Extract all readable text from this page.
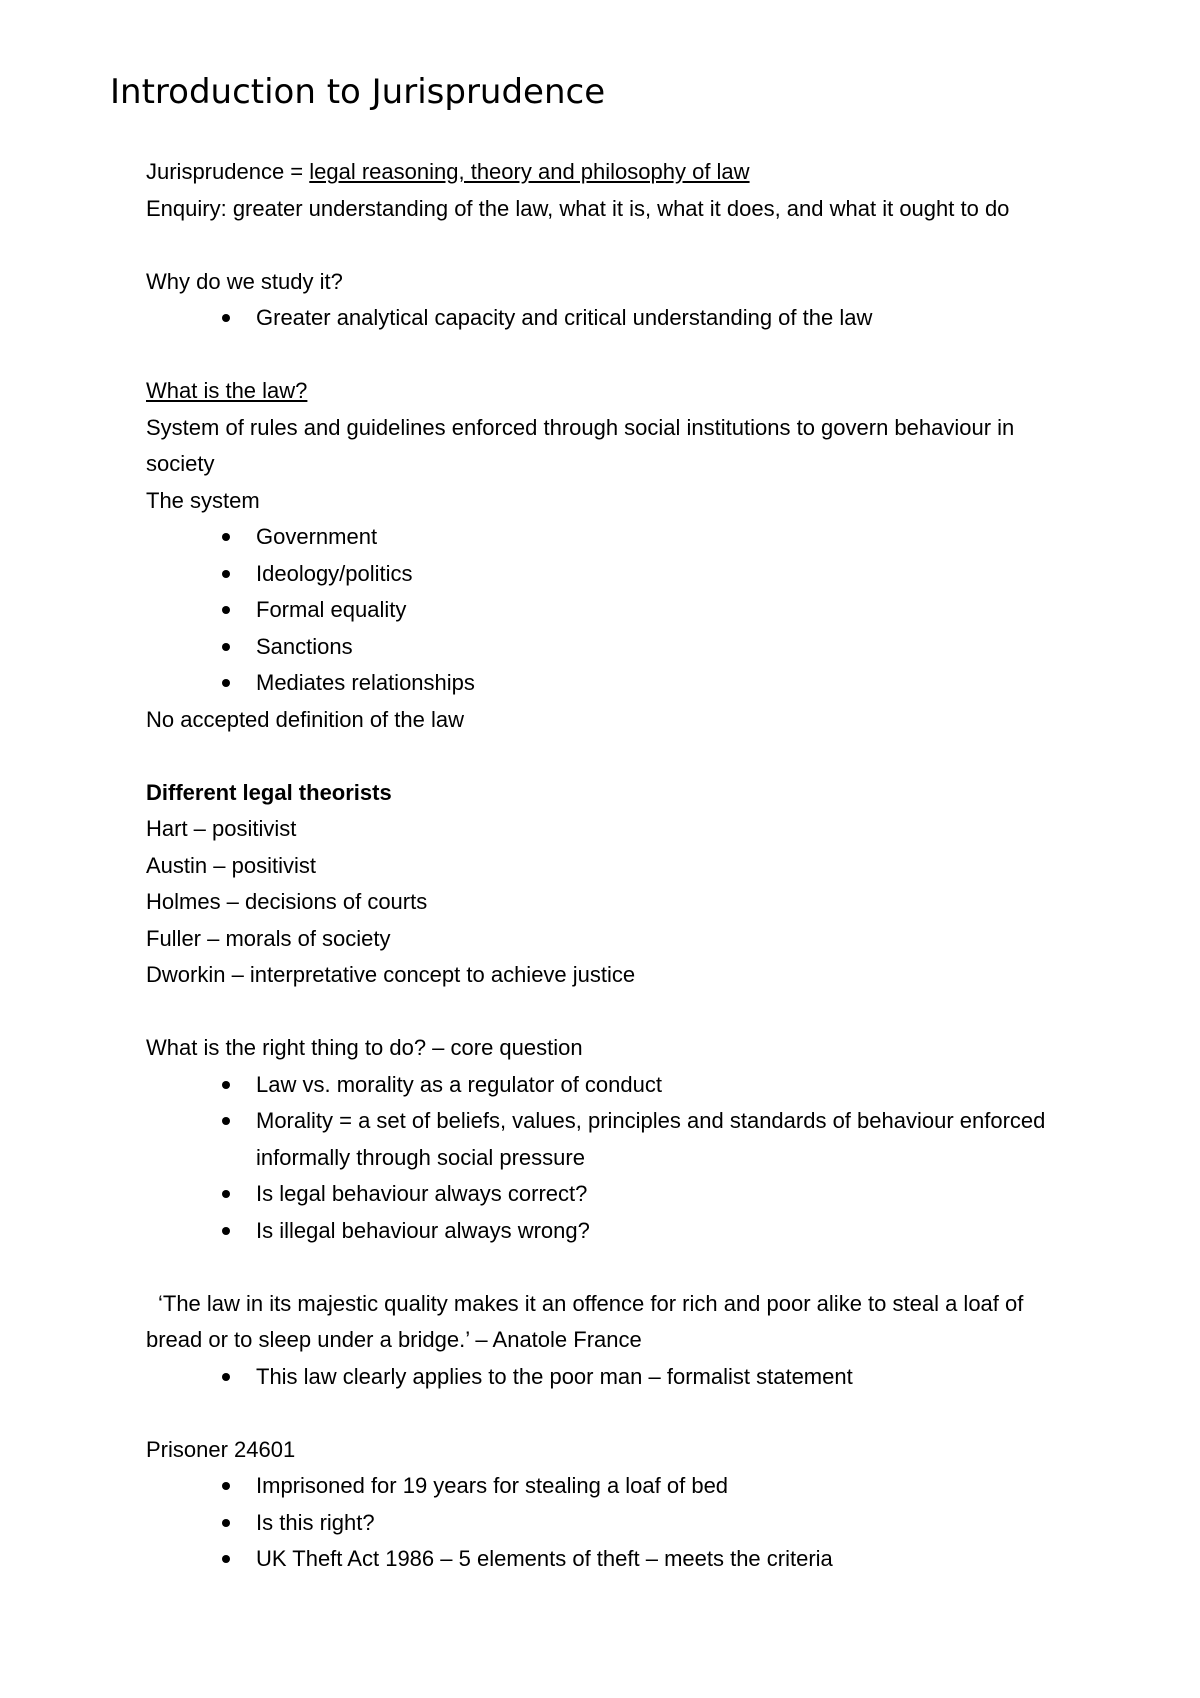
Introduction to Jurisprudence

Jurisprudence = legal reasoning, theory and philosophy of law

Enquiry: greater understanding of the law, what it is, what it does, and what it ought to do

Why do we study it?

Greater analytical capacity and critical understanding of the law

What is the law?

System of rules and guidelines enforced through social institutions to govern behaviour in society

The system

Government
Ideology/politics
Formal equality
Sanctions
Mediates relationships

No accepted definition of the law

Different legal theorists

Hart – positivist

Austin – positivist

Holmes – decisions of courts

Fuller – morals of society

Dworkin – interpretative concept to achieve justice

What is the right thing to do? – core question

Law vs. morality as a regulator of conduct
Morality = a set of beliefs, values, principles and standards of behaviour enforced informally through social pressure
Is legal behaviour always correct?
Is illegal behaviour always wrong?

‘The law in its majestic quality makes it an offence for rich and poor alike to steal a loaf of bread or to sleep under a bridge.’ – Anatole France

This law clearly applies to the poor man – formalist statement

Prisoner 24601

Imprisoned for 19 years for stealing a loaf of bed
Is this right?
UK Theft Act 1986 – 5 elements of theft – meets the criteria
